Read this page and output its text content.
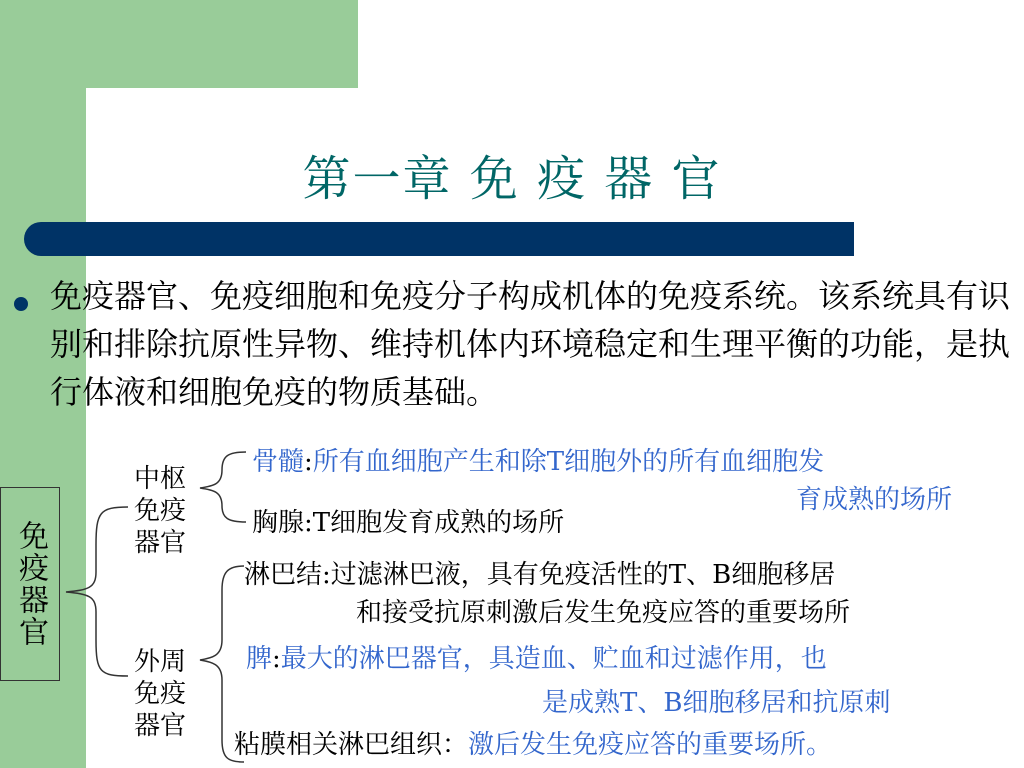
第一章 免 疫 器 官

免疫器官、免疫细胞和免疫分子构成机体的免疫系统。该系统具有识别和排除抗原性异物、维持机体内环境稳定和生理平衡的功能，是执行体液和细胞免疫的物质基础。

免疫器官
中枢免疫器官
外周免疫器官
骨髓:所有血细胞产生和除T细胞外的所有血细胞发
育成熟的场所
胸腺:T细胞发育成熟的场所
淋巴结:过滤淋巴液，具有免疫活性的T、B细胞移居
和接受抗原刺激后发生免疫应答的重要场所
脾:最大的淋巴器官，具造血、贮血和过滤作用，也
是成熟T、B细胞移居和抗原刺
粘膜相关淋巴组织：激后发生免疫应答的重要场所。
